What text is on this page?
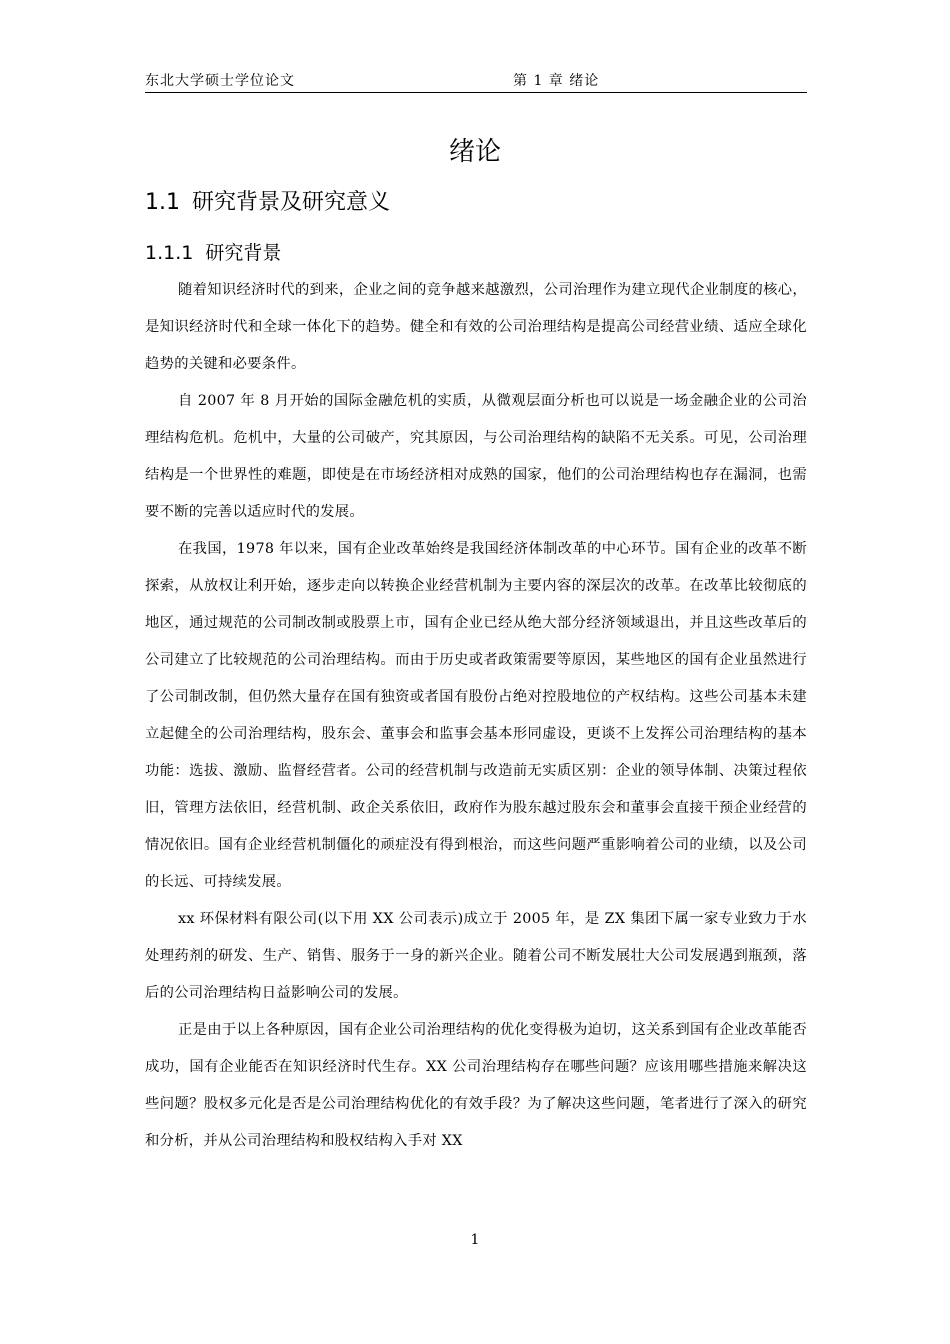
东北大学硕士学位论文	第 1 章 绪论
绪论
1.1 研究背景及研究意义
1.1.1 研究背景

随着知识经济时代的到来，企业之间的竞争越来越激烈，公司治理作为建立现代企业制度的核心，是知识经济时代和全球一体化下的趋势。健全和有效的公司治理结构是提高公司经营业绩、适应全球化趋势的关键和必要条件。

自 2007 年 8 月开始的国际金融危机的实质，从微观层面分析也可以说是一场金融企业的公司治理结构危机。危机中，大量的公司破产，究其原因，与公司治理结构的缺陷不无关系。可见，公司治理结构是一个世界性的难题，即使是在市场经济相对成熟的国家，他们的公司治理结构也存在漏洞，也需要不断的完善以适应时代的发展。

在我国，1978 年以来，国有企业改革始终是我国经济体制改革的中心环节。国有企业的改革不断探索，从放权让利开始，逐步走向以转换企业经营机制为主要内容的深层次的改革。在改革比较彻底的地区，通过规范的公司制改制或股票上市，国有企业已经从绝大部分经济领域退出，并且这些改革后的公司建立了比较规范的公司治理结构。而由于历史或者政策需要等原因，某些地区的国有企业虽然进行了公司制改制，但仍然大量存在国有独资或者国有股份占绝对控股地位的产权结构。这些公司基本未建立起健全的公司治理结构，股东会、董事会和监事会基本形同虚设，更谈不上发挥公司治理结构的基本功能：选拔、激励、监督经营者。公司的经营机制与改造前无实质区别：企业的领导体制、决策过程依旧，管理方法依旧，经营机制、政企关系依旧，政府作为股东越过股东会和董事会直接干预企业经营的情况依旧。国有企业经营机制僵化的顽症没有得到根治，而这些问题严重影响着公司的业绩，以及公司的长远、可持续发展。

xx 环保材料有限公司(以下用 XX 公司表示)成立于 2005 年，是 ZX 集团下属一家专业致力于水处理药剂的研发、生产、销售、服务于一身的新兴企业。随着公司不断发展壮大公司发展遇到瓶颈，落后的公司治理结构日益影响公司的发展。

正是由于以上各种原因，国有企业公司治理结构的优化变得极为迫切，这关系到国有企业改革能否成功，国有企业能否在知识经济时代生存。XX 公司治理结构存在哪些问题？应该用哪些措施来解决这些问题？股权多元化是否是公司治理结构优化的有效手段？为了解决这些问题，笔者进行了深入的研究和分析，并从公司治理结构和股权结构入手对 XX

1
